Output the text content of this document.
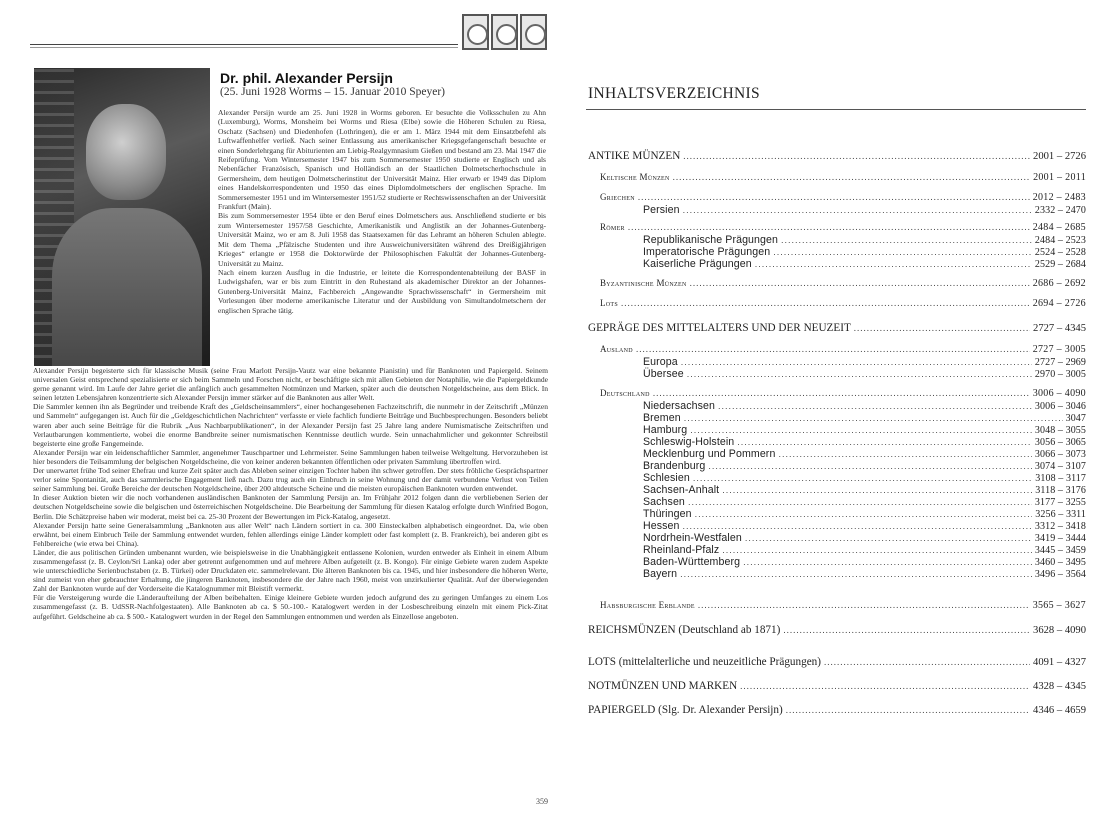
Dr. phil. Alexander Persijn
(25. Juni 1928 Worms – 15. Januar 2010 Speyer)

Alexander Persijn wurde am 25. Juni 1928 in Worms geboren. Er besuchte die Volksschulen zu Ahn (Luxemburg), Worms, Monsheim bei Worms und Riesa (Elbe) sowie die Höheren Schulen zu Riesa, Oschatz (Sachsen) und Diedenhofen (Lothringen), die er am 1. März 1944 mit dem Einsatzbefehl als Luftwaffenhelfer verließ. Nach seiner Entlassung aus amerikanischer Kriegsgefangenschaft besuchte er einen Sonderlehrgang für Abiturienten am Liebig-Realgymnasium Gießen und bestand am 23. Mai 1947 die Reifeprüfung. Vom Wintersemester 1947 bis zum Sommersemester 1950 studierte er Englisch und als Nebenfächer Französisch, Spanisch und Holländisch an der Staatlichen Dolmetscherhochschule in Germersheim, dem heutigen Dolmetscherinstitut der Universität Mainz. Hier erwarb er 1949 das Diplom eines Handelskorrespondenten und 1950 das eines Diplomdolmetschers der englischen Sprache. Im Sommersemester 1951 und im Wintersemester 1951/52 studierte er Rechtswissenschaften an der Universität Frankfurt (Main).

Bis zum Sommersemester 1954 übte er den Beruf eines Dolmetschers aus. Anschließend studierte er bis zum Wintersemester 1957/58 Geschichte, Amerikanistik und Anglistik an der Johannes-Gutenberg-Universität Mainz, wo er am 8. Juli 1958 das Staatsexamen für das Lehramt an höheren Schulen ablegte. Mit dem Thema „Pfälzische Studenten und ihre Ausweichuniversitäten während des Dreißigjährigen Krieges“ erlangte er 1958 die Doktorwürde der Philosophischen Fakultät der Johannes-Gutenberg-Universität zu Mainz.

Nach einem kurzen Ausflug in die Industrie, er leitete die Korrespondentenabteilung der BASF in Ludwigshafen, war er bis zum Eintritt in den Ruhestand als akademischer Direktor an der Johannes-Gutenberg-Universität Mainz, Fachbereich „Angewandte Sprachwissenschaft“ in Germersheim mit Vorlesungen über moderne amerikanische Literatur und der Ausbildung von Simultandolmetschern der englischen Sprache tätig.

Alexander Persijn begeisterte sich für klassische Musik (seine Frau Marlott Persijn-Vautz war eine bekannte Pianistin) und für Banknoten und Papiergeld. Seinem universalen Geist entsprechend spezialisierte er sich beim Sammeln und Forschen nicht, er beschäftigte sich mit allen Gebieten der Notaphilie, wie die Papiergeldkunde gerne genannt wird. Im Laufe der Jahre geriet die anfänglich auch gesammelten Notmünzen und Marken, später auch die deutschen Notgeldscheine, aus dem Blick. In seinen letzten Lebensjahren konzentrierte sich Alexander Persijn immer stärker auf die Banknoten aus aller Welt.

Die Sammler kennen ihn als Begründer und treibende Kraft des „Geldscheinsammlers“, einer hochangesehenen Fachzeitschrift, die nunmehr in der Zeitschrift „Münzen und Sammeln“ aufgegangen ist. Auch für die „Geldgeschichtlichen Nachrichten“ verfasste er viele fachlich fundierte Beiträge und Buchbesprechungen. Besonders beliebt waren aber auch seine Beiträge für die Rubrik „Aus Nachbarpublikationen“, in der Alexander Persijn fast 25 Jahre lang andere Numismatische Zeitschriften und Verlautbarungen kommentierte, wobei die enorme Bandbreite seiner numismatischen Kenntnisse deutlich wurde. Sein unnachahmlicher und gekonnter Schreibstil begeisterte eine große Fangemeinde.

Alexander Persijn war ein leidenschaftlicher Sammler, angenehmer Tauschpartner und Lehrmeister. Seine Sammlungen haben teilweise Weltgeltung. Hervorzuheben ist hier besonders die Teilsammlung der belgischen Notgeldscheine, die von keiner anderen bekannten öffentlichen oder privaten Sammlung übertroffen wird.

Der unerwartet frühe Tod seiner Ehefrau und kurze Zeit später auch das Ableben seiner einzigen Tochter haben ihn schwer getroffen. Der stets fröhliche Gesprächspartner verlor seine Spontanität, auch das sammlerische Engagement ließ nach. Dazu trug auch ein Einbruch in seine Wohnung und der damit verbundene Verlust von Teilen seiner Sammlung bei. Große Bereiche der deutschen Notgeldscheine, über 200 altdeutsche Scheine und die meisten europäischen Banknoten wurden entwendet.

In dieser Auktion bieten wir die noch vorhandenen ausländischen Banknoten der Sammlung Persijn an. Im Frühjahr 2012 folgen dann die verbliebenen Serien der deutschen Notgeldscheine sowie die belgischen und österreichischen Notgeldscheine. Die Bearbeitung der Sammlung für diesen Katalog erfolgte durch Winfried Bogon, Berlin. Die Schätzpreise haben wir moderat, meist bei ca. 25-30 Prozent der Bewertungen im Pick-Katalog, angesetzt.

Alexander Persijn hatte seine Generalsammlung „Banknoten aus aller Welt“ nach Ländern sortiert in ca. 300 Einsteckalben alphabetisch eingeordnet. Da, wie oben erwähnt, bei einem Einbruch Teile der Sammlung entwendet wurden, fehlen allerdings einige Länder komplett oder fast komplett (z. B. Frankreich), bei anderen gibt es Fehlbereiche (wie etwa bei China).

Länder, die aus politischen Gründen umbenannt wurden, wie beispielsweise in die Unabhängigkeit entlassene Kolonien, wurden entweder als Einheit in einem Album zusammengefasst (z. B. Ceylon/Sri Lanka) oder aber getrennt aufgenommen und auf mehrere Alben aufgeteilt (z. B. Kongo). Für einige Gebiete waren zudem Aspekte wie unterschiedliche Serienbuchstaben (z. B. Türkei) oder Druckdaten etc. sammelrelevant. Die älteren Banknoten bis ca. 1945, und hier insbesondere die höheren Werte, sind zumeist von eher gebrauchter Erhaltung, die jüngeren Banknoten, insbesondere die der Jahre nach 1960, meist von unzirkulierter Qualität. Auf der überwiegenden Zahl der Banknoten wurde auf der Vorderseite die Katalognummer mit Bleistift vermerkt.

Für die Versteigerung wurde die Länderaufteilung der Alben beibehalten. Einige kleinere Gebiete wurden jedoch aufgrund des zu geringen Umfanges zu einem Los zusammengefasst (z. B. UdSSR-Nachfolgestaaten). Alle Banknoten ab ca. $ 50.-100.- Katalogwert werden in der Losbeschreibung einzeln mit einem Pick-Zitat aufgeführt. Geldscheine ab ca. $ 500.- Katalogwert wurden in der Regel den Sammlungen entnommen und werden als Einzellose angeboten.

359
INHALTSVERZEICHNIS
ANTIKE MÜNZEN .....	2001 – 2726
Keltische Münzen .....	2001 – 2011
Griechen .....	2012 – 2483
Persien .....	2332 – 2470
Römer .....	2484 – 2685
Republikanische Prägungen .....	2484 – 2523
Imperatorische Prägungen .....	2524 – 2528
Kaiserliche Prägungen .....	2529 – 2684
Byzantinische Münzen .....	2686 – 2692
Lots .....	2694 – 2726
GEPRÄGE DES MITTELALTERS UND DER NEUZEIT .....	2727 – 4345
Ausland .....	2727 – 3005
Europa .....	2727 – 2969
Übersee .....	2970 – 3005
Deutschland .....	3006 – 4090
Niedersachsen .....	3006 – 3046
Bremen .....	3047
Hamburg .....	3048 – 3055
Schleswig-Holstein .....	3056 – 3065
Mecklenburg und Pommern .....	3066 – 3073
Brandenburg .....	3074 – 3107
Schlesien .....	3108 – 3117
Sachsen-Anhalt .....	3118 – 3176
Sachsen .....	3177 – 3255
Thüringen .....	3256 – 3311
Hessen .....	3312 – 3418
Nordrhein-Westfalen .....	3419 – 3444
Rheinland-Pfalz .....	3445 – 3459
Baden-Württemberg .....	3460 – 3495
Bayern .....	3496 – 3564
Habsburgische Erblande .....	3565 – 3627
REICHSMÜNZEN (Deutschland ab 1871) .....	3628 – 4090
LOTS (mittelalterliche und neuzeitliche Prägungen) .....	4091 – 4327
NOTMÜNZEN UND MARKEN .....	4328 – 4345
PAPIERGELD (Slg. Dr. Alexander Persijn) .....	4346 – 4659
